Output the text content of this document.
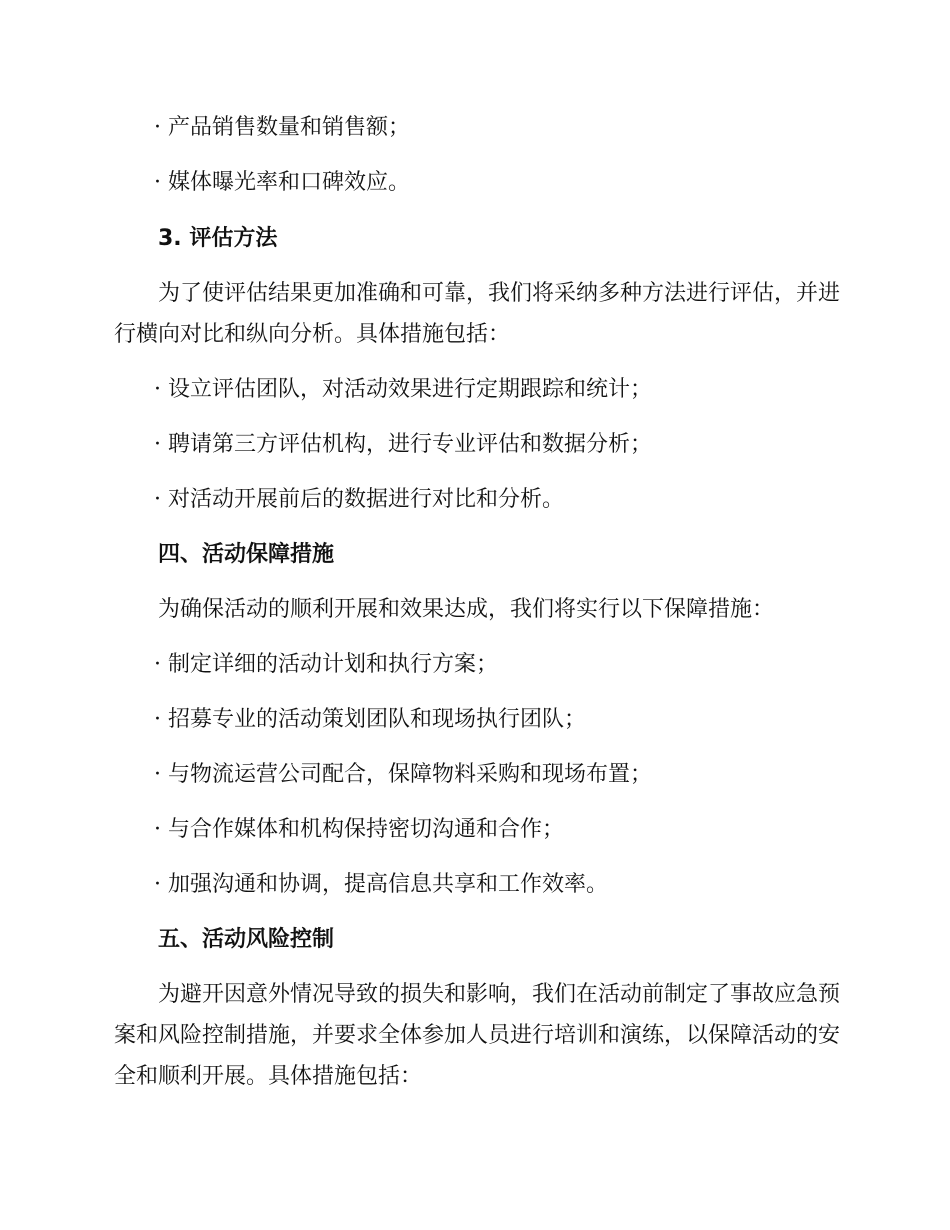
· 产品销售数量和销售额；
· 媒体曝光率和口碑效应。
3. 评估方法
为了使评估结果更加准确和可靠，我们将采纳多种方法进行评估，并进
行横向对比和纵向分析。具体措施包括：
· 设立评估团队，对活动效果进行定期跟踪和统计；
· 聘请第三方评估机构，进行专业评估和数据分析；
· 对活动开展前后的数据进行对比和分析。
四、活动保障措施
为确保活动的顺利开展和效果达成，我们将实行以下保障措施：
· 制定详细的活动计划和执行方案；
· 招募专业的活动策划团队和现场执行团队；
· 与物流运营公司配合，保障物料采购和现场布置；
· 与合作媒体和机构保持密切沟通和合作；
· 加强沟通和协调，提高信息共享和工作效率。
五、活动风险控制
为避开因意外情况导致的损失和影响，我们在活动前制定了事故应急预
案和风险控制措施，并要求全体参加人员进行培训和演练，以保障活动的安
全和顺利开展。具体措施包括：
